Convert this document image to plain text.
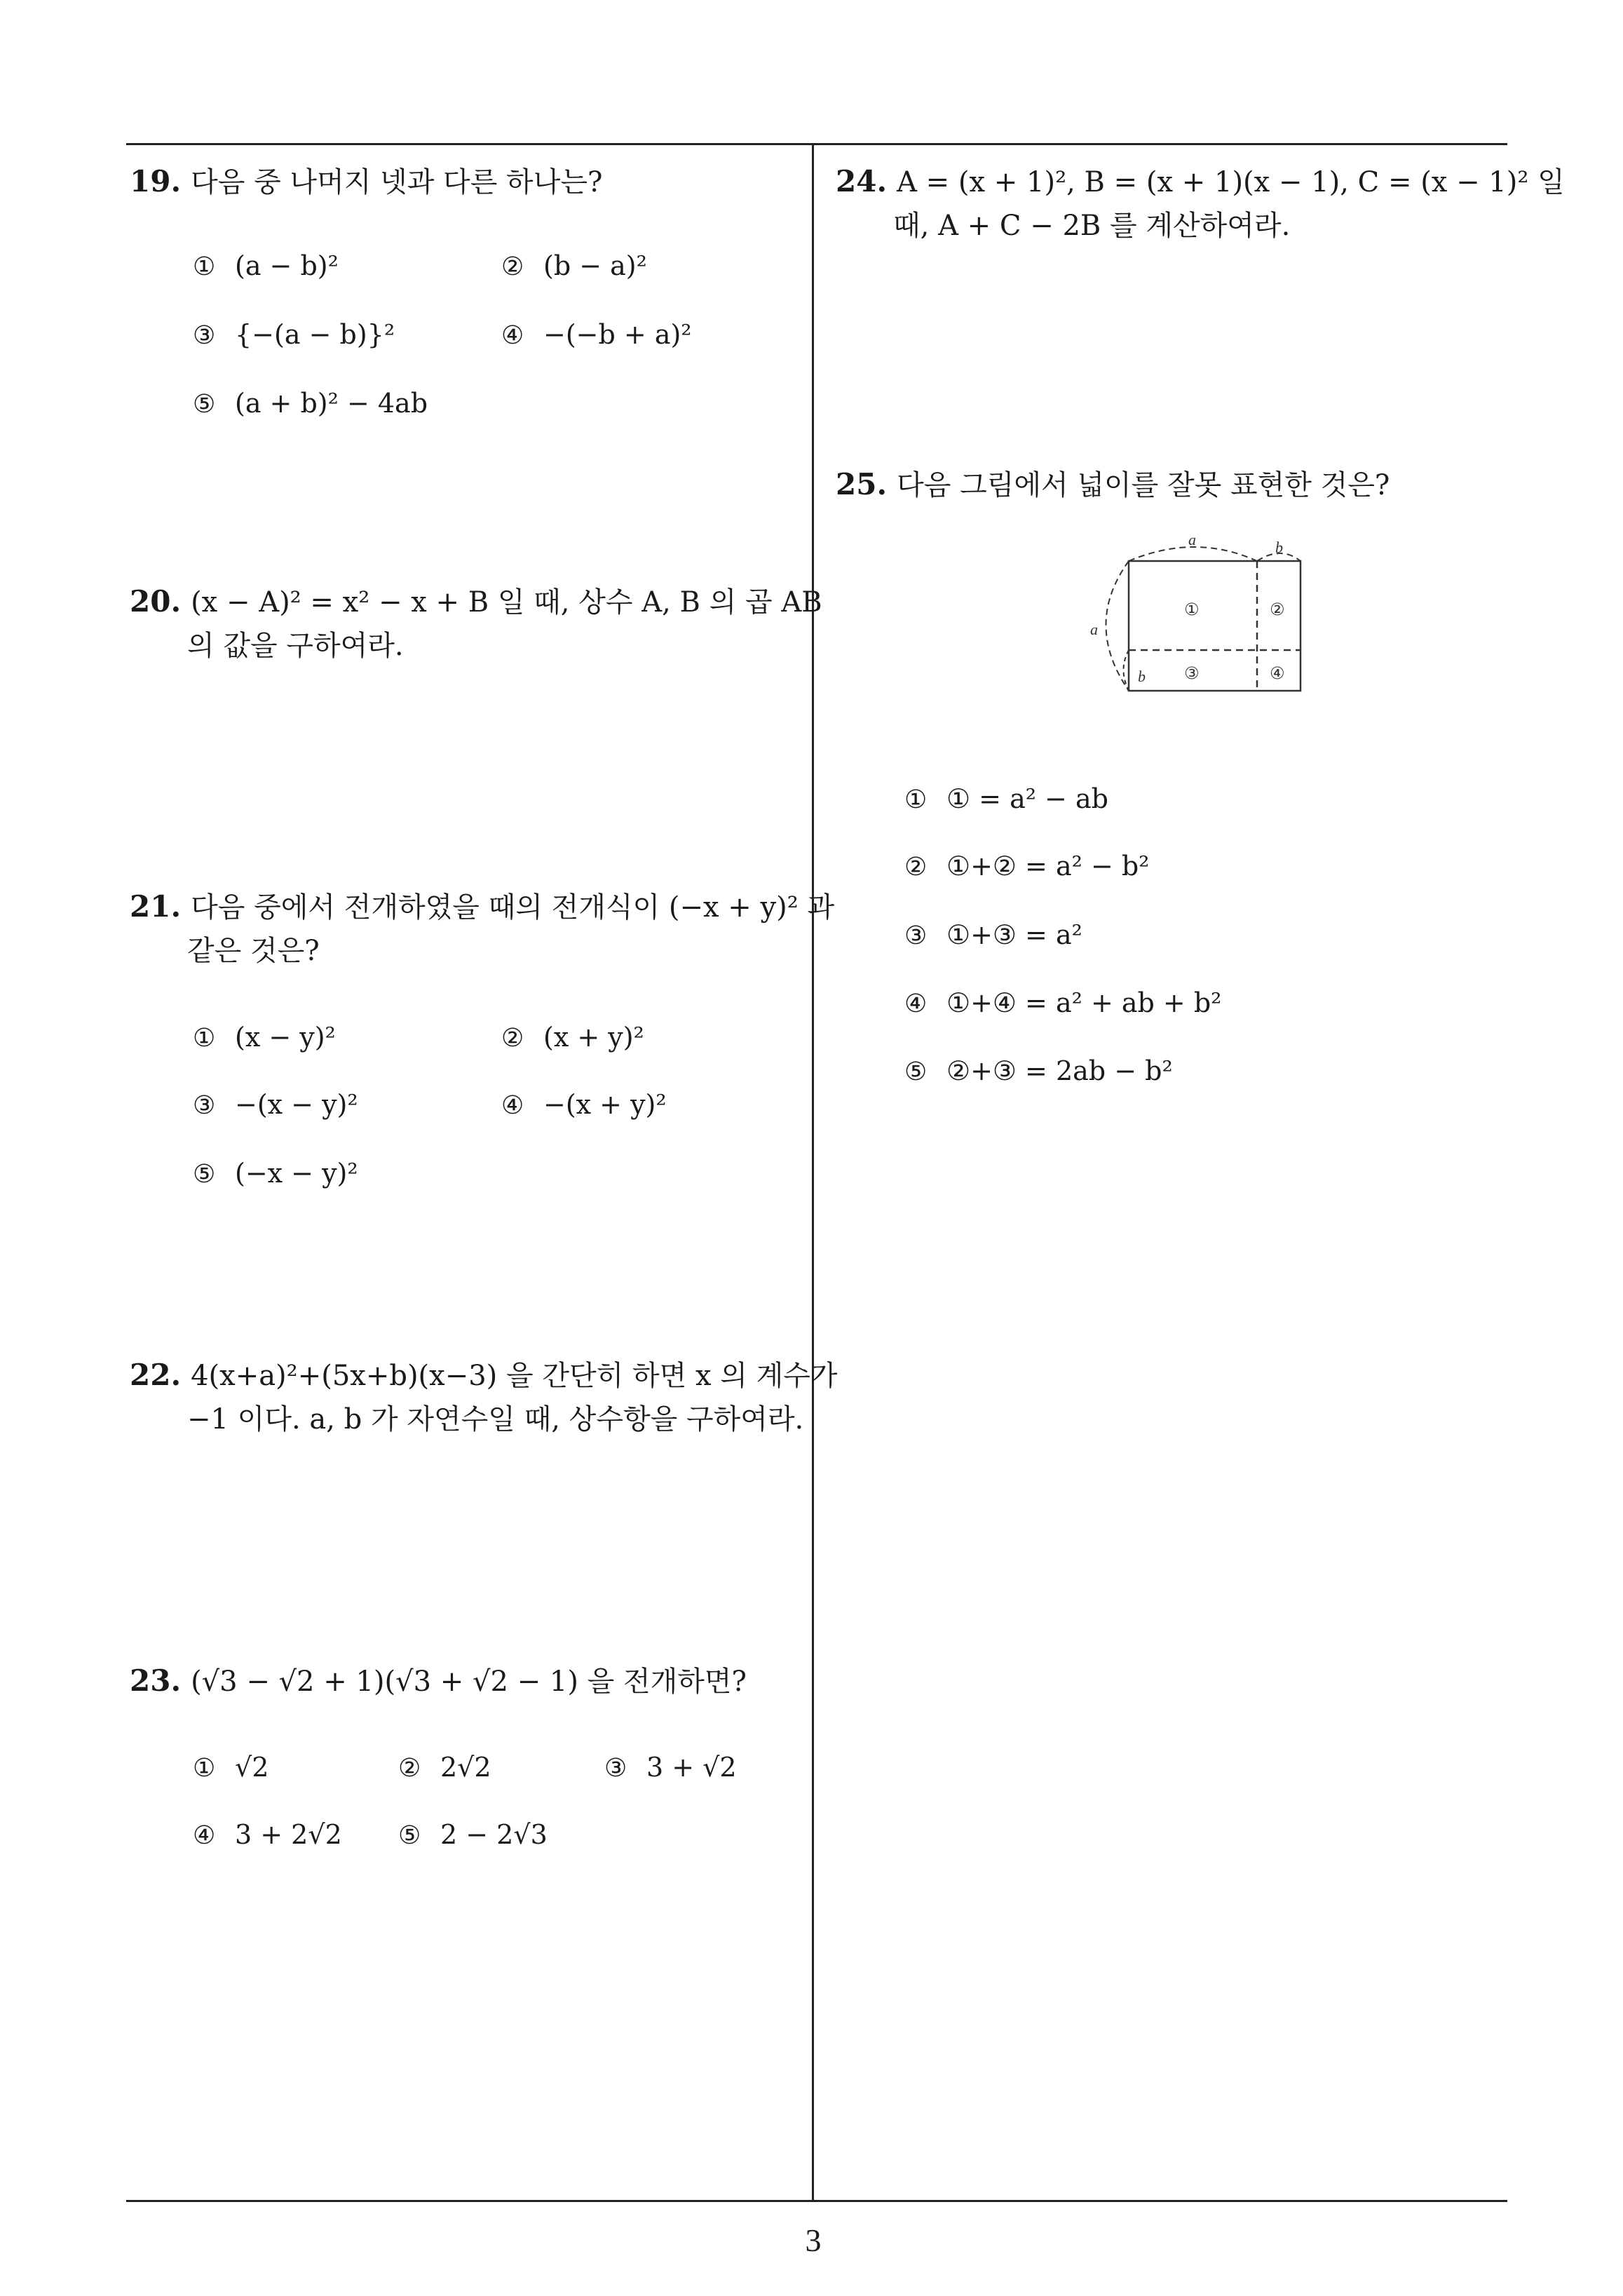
19. 다음 중 나머지 넷과 다른 하나는?
① (a − b)²	② (b − a)²
③ {−(a − b)}²	④ −(−b + a)²
⑤ (a + b)² − 4ab
20. (x − A)² = x² − x + B 일 때, 상수 A, B 의 곱 AB
의 값을 구하여라.
21. 다음 중에서 전개하였을 때의 전개식이 (−x + y)² 과
같은 것은?
① (x − y)²	② (x + y)²
③ −(x − y)²	④ −(x + y)²
⑤ (−x − y)²
22. 4(x+a)²+(5x+b)(x−3) 을 간단히 하면 x 의 계수가
−1 이다. a, b 가 자연수일 때, 상수항을 구하여라.
23. (√3 − √2 + 1)(√3 + √2 − 1) 을 전개하면?
① √2	② 2√2	③ 3 + √2
④ 3 + 2√2 ⑤ 2 − 2√3
24. A = (x + 1)², B = (x + 1)(x − 1), C = (x − 1)² 일
때, A + C − 2B 를 계산하여라.
25. 다음 그림에서 넓이를 잘못 표현한 것은?
a	b
a
b
①	②
③	④
① ① = a² − ab
② ①+② = a² − b²
③ ①+③ = a²
④ ①+④ = a² + ab + b²
⑤ ②+③ = 2ab − b²
3
